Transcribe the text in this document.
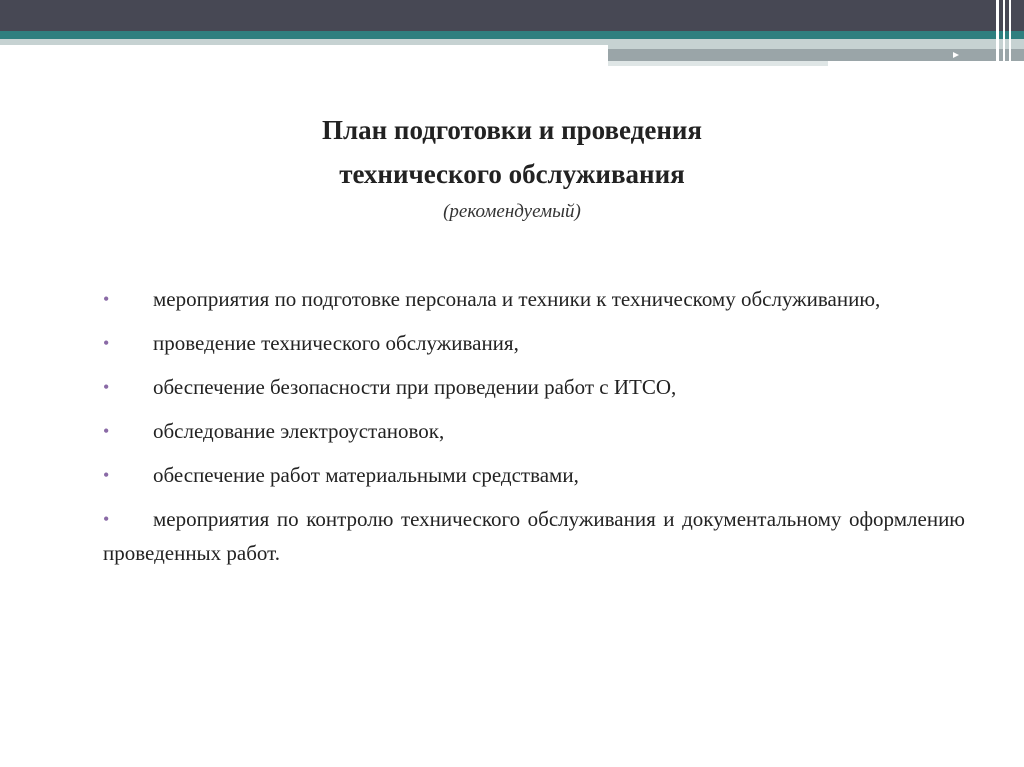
План подготовки и проведения
технического обслуживания
(рекомендуемый)
• мероприятия по подготовке персонала и техники к техническому обслуживанию,
• проведение технического обслуживания,
• обеспечение безопасности при проведении работ с ИТСО,
• обследование электроустановок,
• обеспечение работ материальными средствами,
• мероприятия по контролю технического обслуживания и документальному оформлению проведенных работ.
